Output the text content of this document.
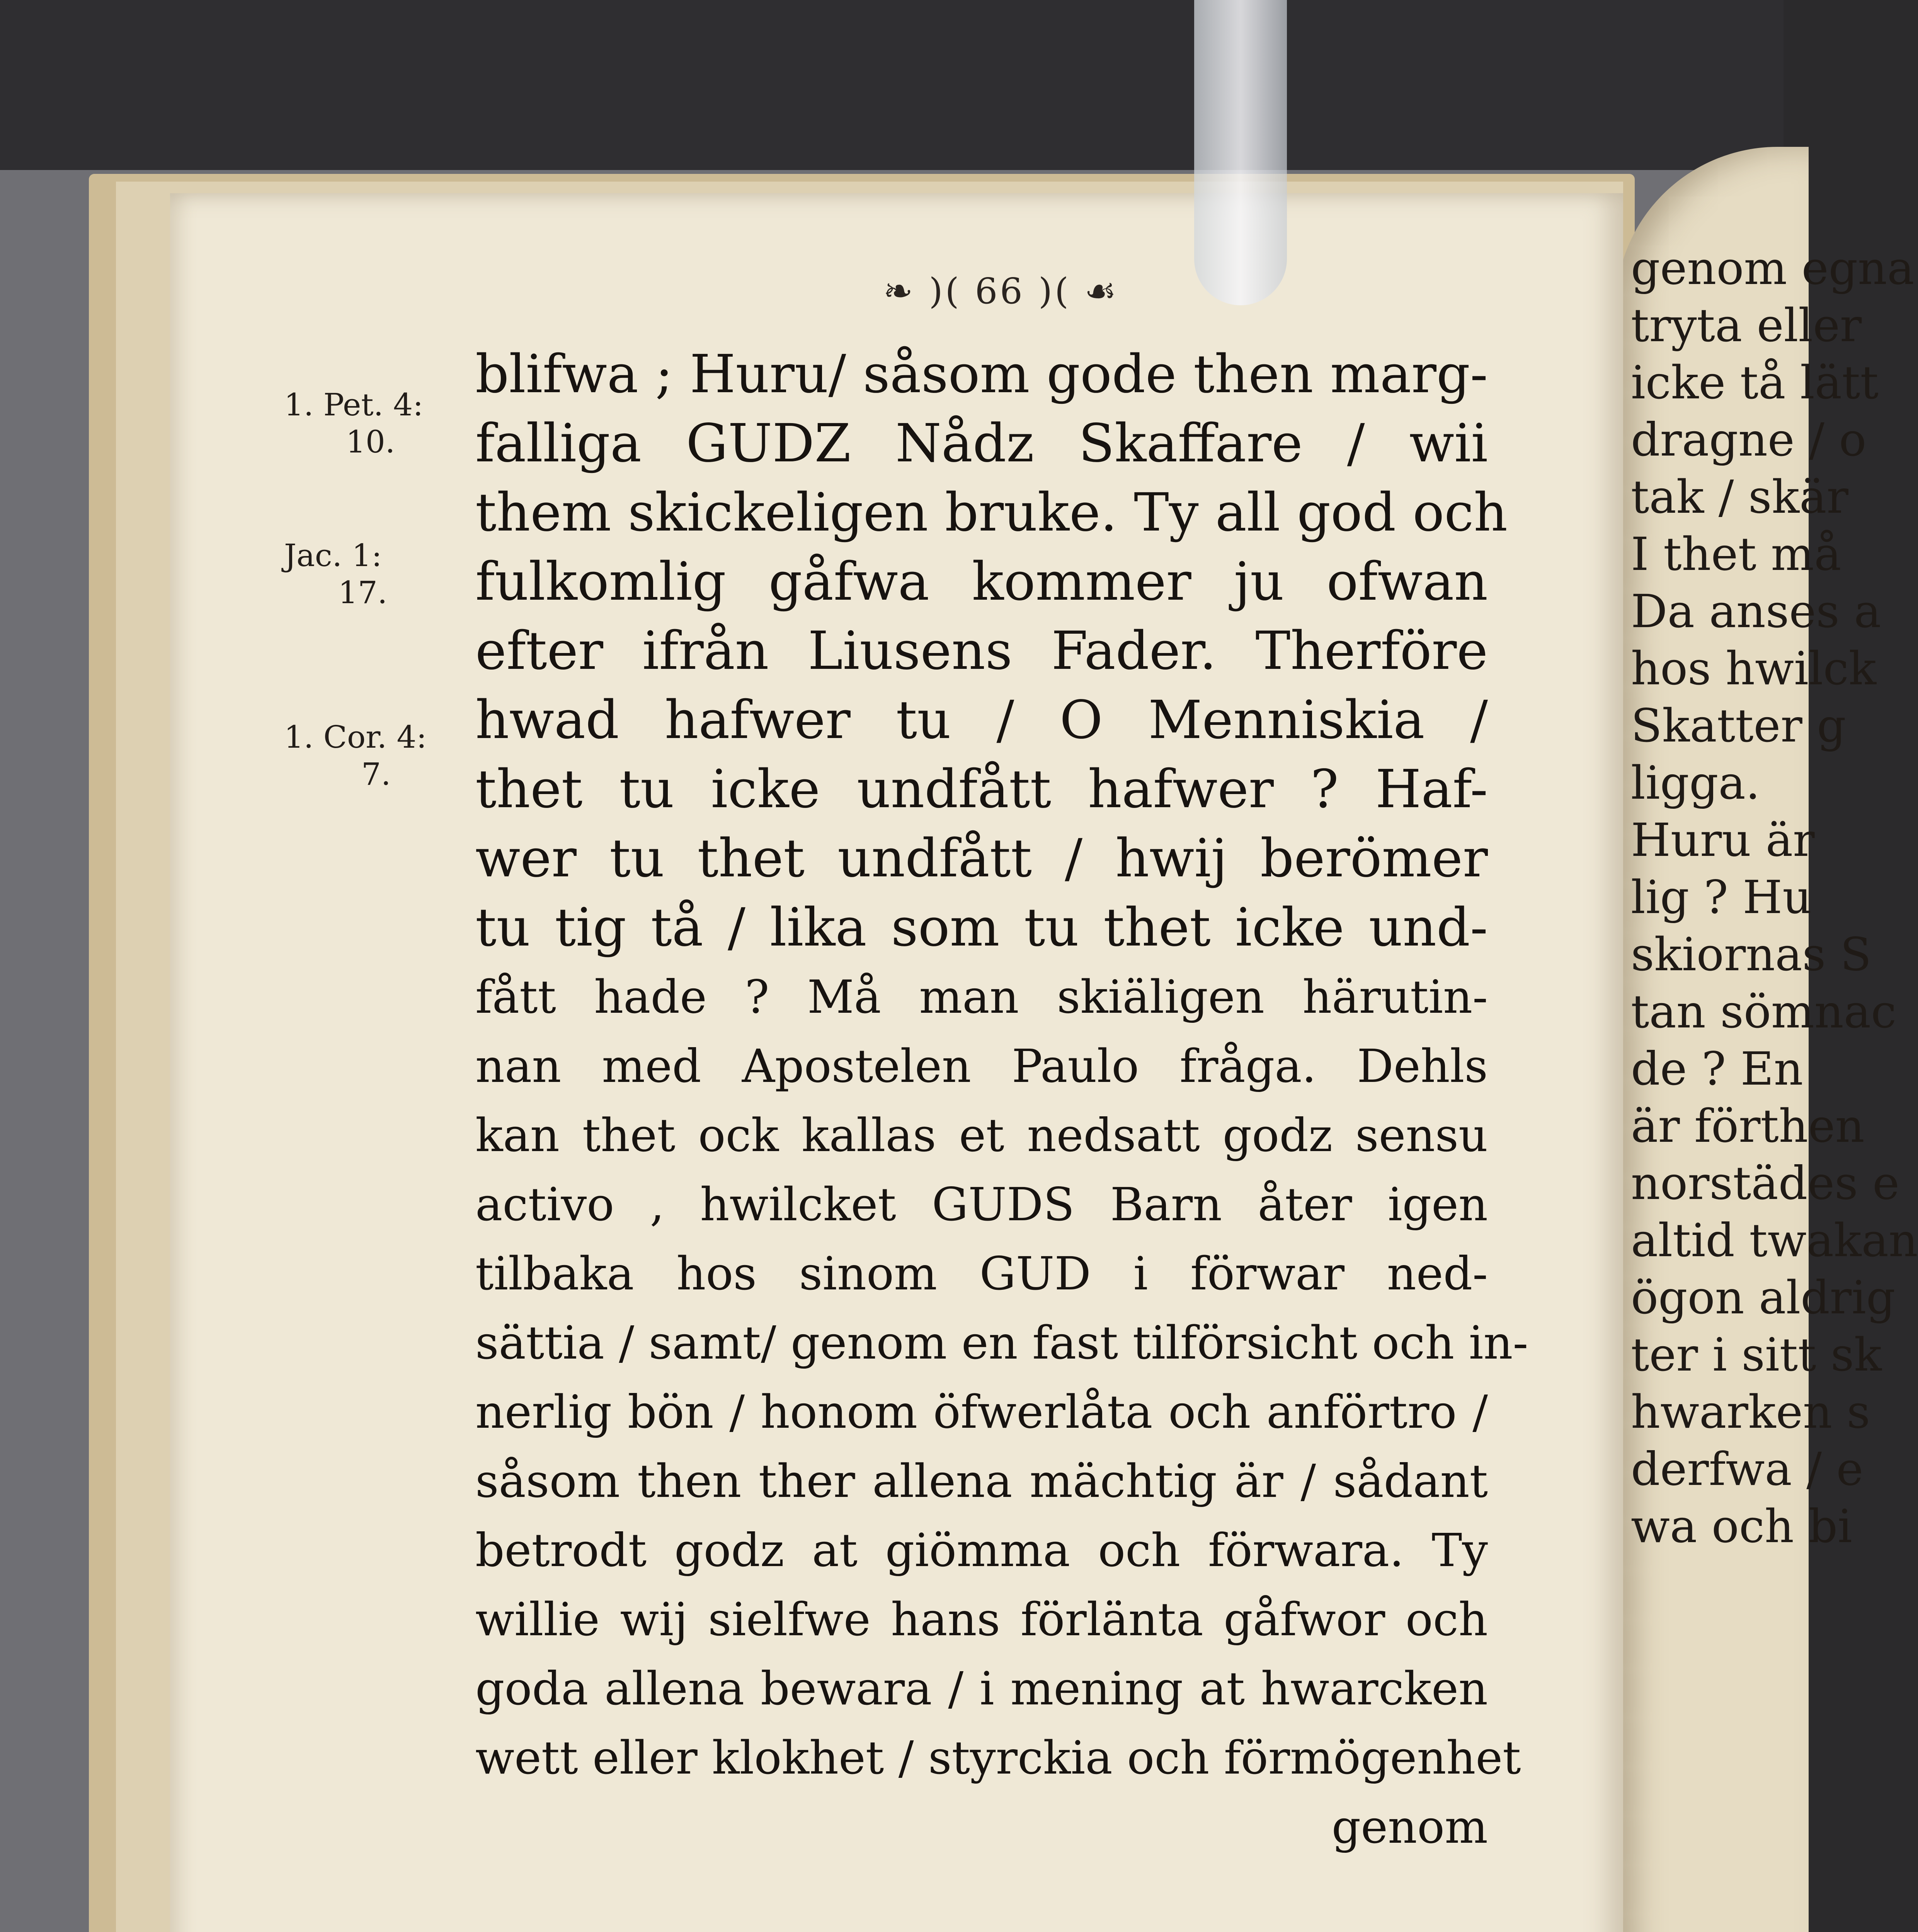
genom egna
tryta eller
icke tå lätt
dragne / o
tak / skär
I thet må
Da anses a
hos hwilck
Skatter g
ligga.
Huru är
lig ? Hu
skiornas S
tan sömnac
de ? En
är förthen
norstädes e
altid twakan
ögon aldrig
ter i sitt sk
hwarken s
derfwa / e
wa och bi
❧ )( 66 )( ☙
1. Pet. 4:
10.
Jac. 1:
17.
1. Cor. 4:
7.
blifwa ; Huru/ såsom gode then marg-
falliga GUDZ Nådz Skaffare / wii
them skickeligen bruke. Ty all god och
fulkomlig gåfwa kommer ju ofwan
efter ifrån Liusens Fader. Therföre
hwad hafwer tu / O Menniskia /
thet tu icke undfått hafwer ? Haf-
wer tu thet undfått / hwij berömer
tu tig tå / lika som tu thet icke und-
fått hade ? Må man skiäligen härutin-
nan med Apostelen Paulo fråga. Dehls
kan thet ock kallas et nedsatt godz sensu
activo , hwilcket GUDS Barn åter igen
tilbaka hos sinom GUD i förwar ned-
sättia / samt/ genom en fast tilförsicht och in-
nerlig bön / honom öfwerlåta och anförtro /
såsom then ther allena mächtig är / sådant
betrodt godz at giömma och förwara. Ty
willie wij sielfwe hans förlänta gåfwor och
goda allena bewara / i mening at hwarcken
wett eller klokhet / styrckia och förmögenhet
genom
